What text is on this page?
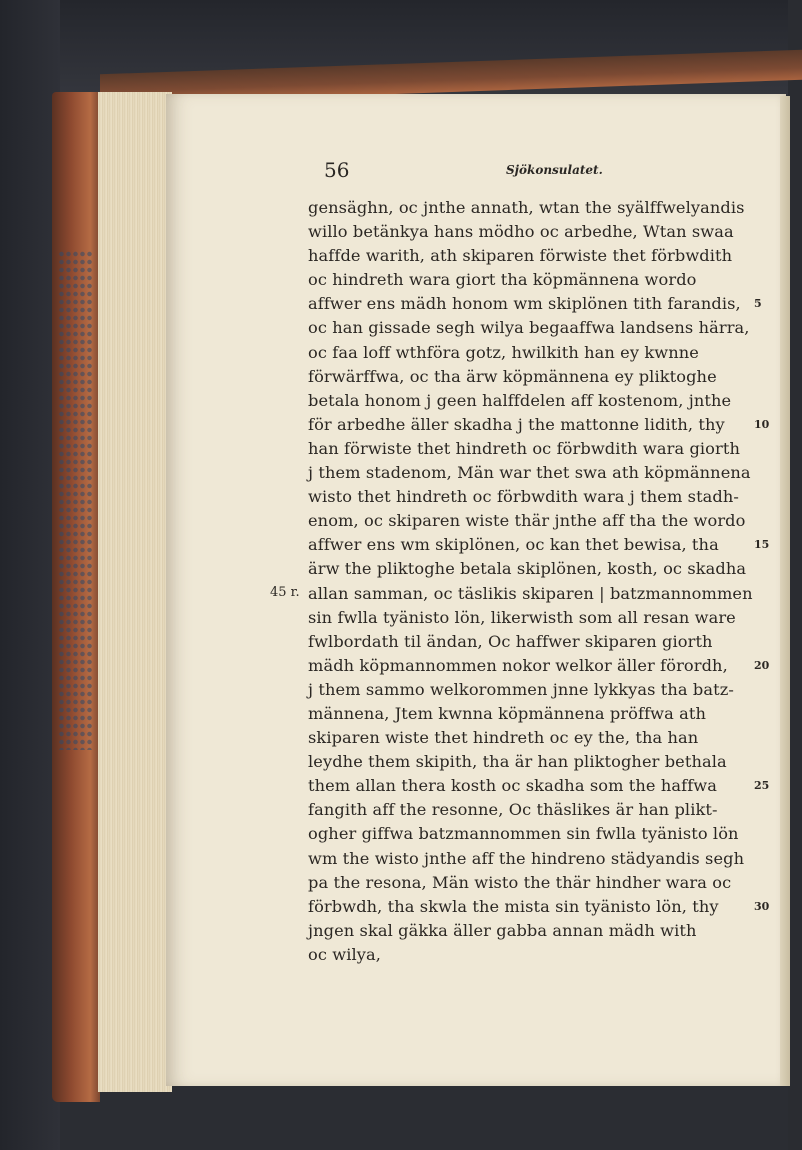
56	Sjökonsulatet.
gensäghn, oc jnthe annath, wtan the syälffwelyandis
willo betänkya hans mödho oc arbedhe, Wtan swaa
haffde warith, ath skiparen förwiste thet förbwdith
oc hindreth wara giort tha köpmännena wordo
affwer ens mädh honom wm skiplönen tith farandis,
oc han gissade segh wilya begaaffwa landsens härra,
oc faa loff wthföra gotz, hwilkith han ey kwnne
förwärffwa, oc tha ärw köpmännena ey pliktoghe
betala honom j geen halffdelen aff kostenom, jnthe
för arbedhe äller skadha j the mattonne lidith, thy
han förwiste thet hindreth oc förbwdith wara giorth
j them stadenom, Män war thet swa ath köpmännena
wisto thet hindreth oc förbwdith wara j them stadh-
enom, oc skiparen wiste thär jnthe aff tha the wordo
affwer ens wm skiplönen, oc kan thet bewisa, tha
ärw the pliktoghe betala skiplönen, kosth, oc skadha
allan samman, oc täslikis skiparen | batzmannommen
sin fwlla tyänisto lön, likerwisth som all resan ware
fwlbordath til ändan, Oc haffwer skiparen giorth
mädh köpmannommen nokor welkor äller förordh,
j them sammo welkorommen jnne lykkyas tha batz-
männena, Jtem kwnna köpmännena pröffwa ath
skiparen wiste thet hindreth oc ey the, tha han
leydhe them skipith, tha är han pliktogher bethala
them allan thera kosth oc skadha som the haffwa
fangith aff the resonne, Oc thäslikes är han plikt-
ogher giffwa batzmannommen sin fwlla tyänisto lön
wm the wisto jnthe aff the hindreno städyandis segh
pa the resona, Män wisto the thär hindher wara oc
förbwdh, tha skwla the mista sin tyänisto lön, thy
jngen skal gäkka äller gabba annan mädh with
oc wilya,
45 r.
5
10
15
20
25
30
